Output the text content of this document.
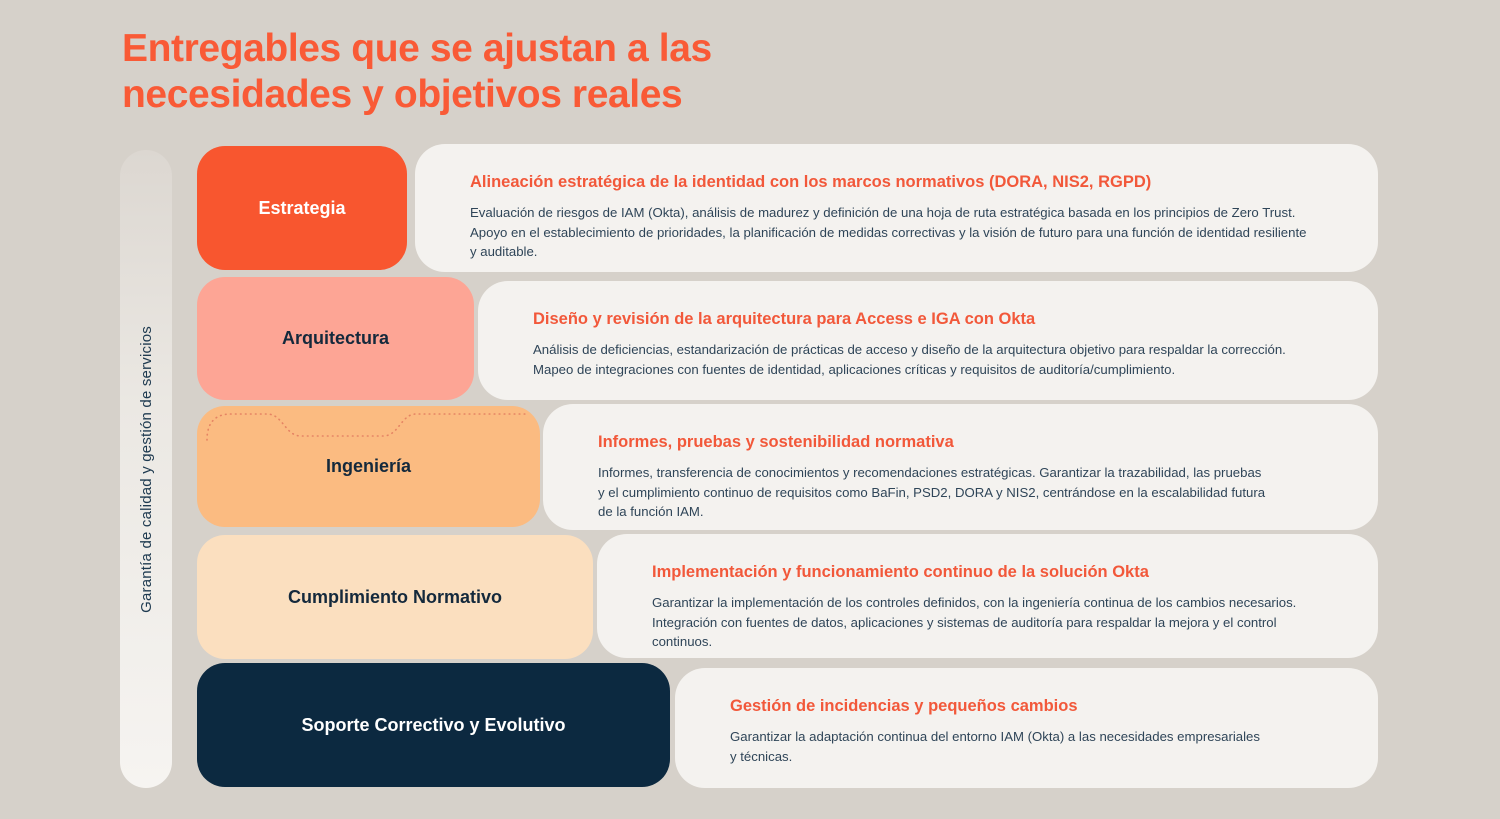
Entregables que se ajustan a las
necesidades y objetivos reales
Garantía de calidad y gestión de servicios
Estrategia

Alineación estratégica de la identidad con los marcos normativos (DORA, NIS2, RGPD)

Evaluación de riesgos de IAM (Okta), análisis de madurez y definición de una hoja de ruta estratégica basada en los principios de Zero Trust. Apoyo en el establecimiento de prioridades, la planificación de medidas correctivas y la visión de futuro para una función de identidad resiliente y auditable.

Arquitectura

Diseño y revisión de la arquitectura para Access e IGA con Okta

Análisis de deficiencias, estandarización de prácticas de acceso y diseño de la arquitectura objetivo para respaldar la corrección. Mapeo de integraciones con fuentes de identidad, aplicaciones críticas y requisitos de auditoría/cumplimiento.

Ingeniería

Informes, pruebas y sostenibilidad normativa

Informes, transferencia de conocimientos y recomendaciones estratégicas. Garantizar la trazabilidad, las pruebas y el cumplimiento continuo de requisitos como BaFin, PSD2, DORA y NIS2, centrándose en la escalabilidad futura de la función IAM.

Cumplimiento Normativo

Implementación y funcionamiento continuo de la solución Okta

Garantizar la implementación de los controles definidos, con la ingeniería continua de los cambios necesarios. Integración con fuentes de datos, aplicaciones y sistemas de auditoría para respaldar la mejora y el control continuos.

Soporte Correctivo y Evolutivo

Gestión de incidencias y pequeños cambios

Garantizar la adaptación continua del entorno IAM (Okta) a las necesidades empresariales y técnicas.
